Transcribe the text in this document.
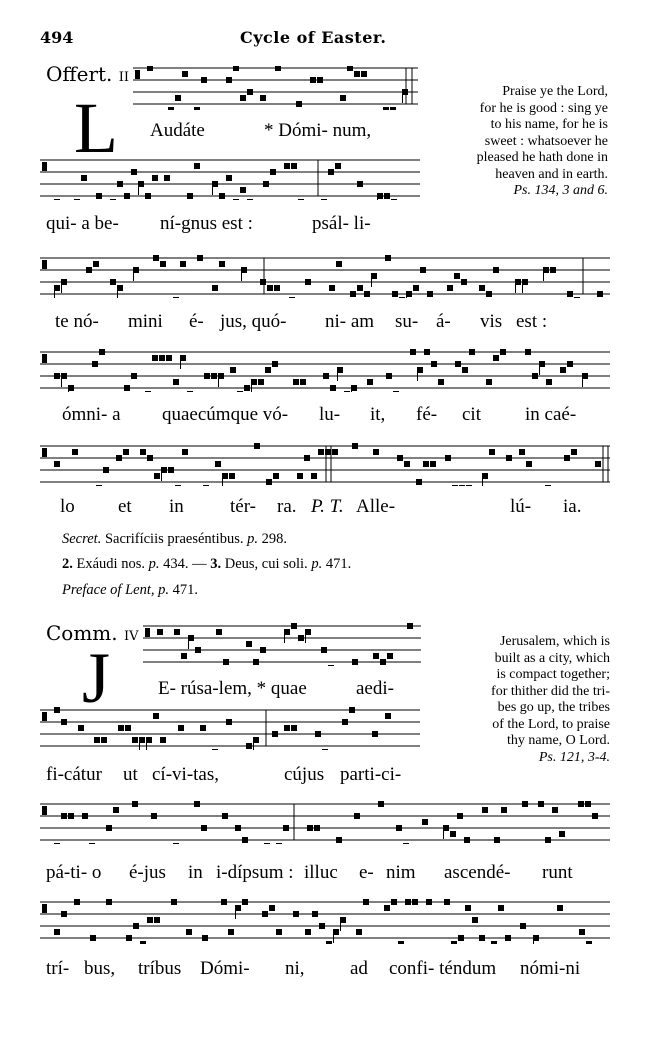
494	Cycle of Easter.
Offert. II
L Audáte	* Dómi- num,
Praise ye the Lord,
for he is good : sing ye
to his name, for he is
sweet : whatsoever he
pleased he hath done in
heaven and in earth.
Ps. 134, 3 and 6.
qui- a be- ní-gnus est :	psál- li-
te nó- mini é- jus, quó- ni- am su- á- vis est :
ómni- a quaecúmque vó- lu- it, fé- cit in caé-
lo et in tér- ra. P. T. Alle-	lú- ia.
Secret. Sacrifíciis praeséntibus. p. 298.
2. Exáudi nos. p. 434. — 3. Deus, cui soli. p. 471.
Preface of Lent, p. 471.
Comm. IV
J	E- rúsa-lem, * quae	aedi-
Jerusalem, which is
built as a city, which
is compact together;
for thither did the tri-
bes go up, the tribes
of the Lord, to praise
thy name, O Lord.
Ps. 121, 3-4.
fi-cátur ut cí-vi-tas,	cújus parti-ci-
pá-ti- o é-jus in i-dípsum : illuc e- nim ascendé- runt
trí- bus, tríbus Dómi- ni, ad confi- téndum nómi-ni
